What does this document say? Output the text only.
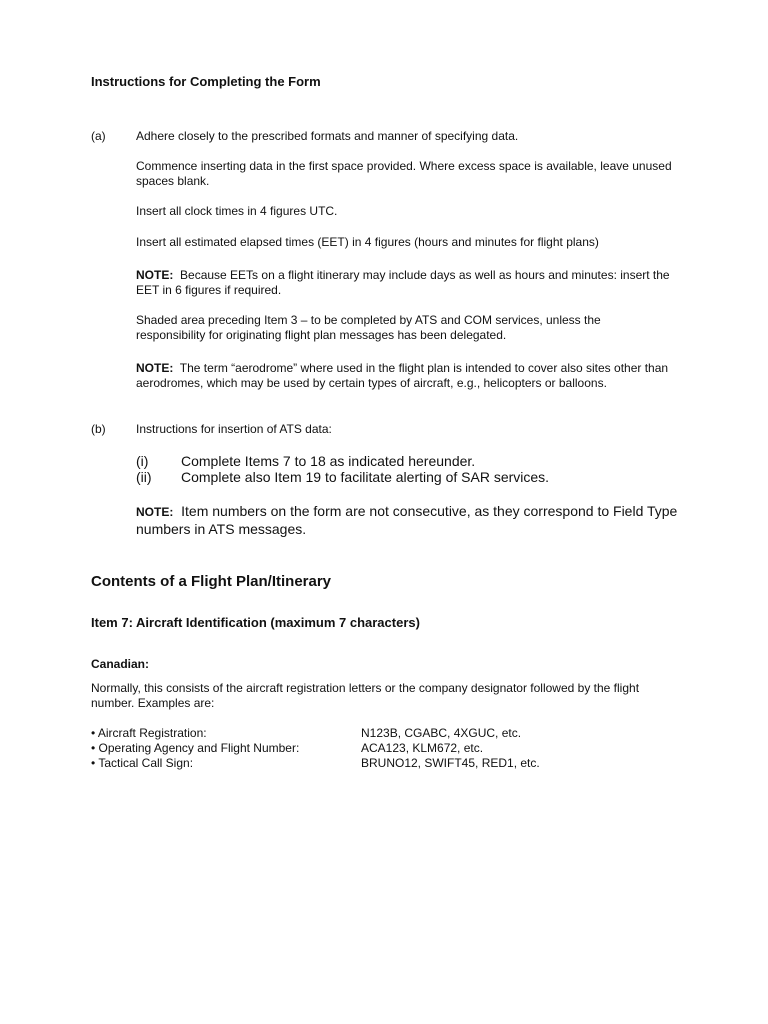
Instructions for Completing the Form
(a)	Adhere closely to the prescribed formats and manner of specifying data.
Commence inserting data in the first space provided. Where excess space is available, leave unused spaces blank.
Insert all clock times in 4 figures UTC.
Insert all estimated elapsed times (EET) in 4 figures (hours and minutes for flight plans)
NOTE: Because EETs on a flight itinerary may include days as well as hours and minutes: insert the EET in 6 figures if required.
Shaded area preceding Item 3 – to be completed by ATS and COM services, unless the responsibility for originating flight plan messages has been delegated.
NOTE: The term “aerodrome” where used in the flight plan is intended to cover also sites other than aerodromes, which may be used by certain types of aircraft, e.g., helicopters or balloons.
(b)	Instructions for insertion of ATS data:
(i) Complete Items 7 to 18 as indicated hereunder.
(ii) Complete also Item 19 to facilitate alerting of SAR services.
NOTE: Item numbers on the form are not consecutive, as they correspond to Field Type numbers in ATS messages.
Contents of a Flight Plan/Itinerary
Item 7: Aircraft Identification (maximum 7 characters)
Canadian:
Normally, this consists of the aircraft registration letters or the company designator followed by the flight number. Examples are:
• Aircraft Registration:	N123B, CGABC, 4XGUC, etc.
• Operating Agency and Flight Number:	ACA123, KLM672, etc.
• Tactical Call Sign:	BRUNO12, SWIFT45, RED1, etc.
